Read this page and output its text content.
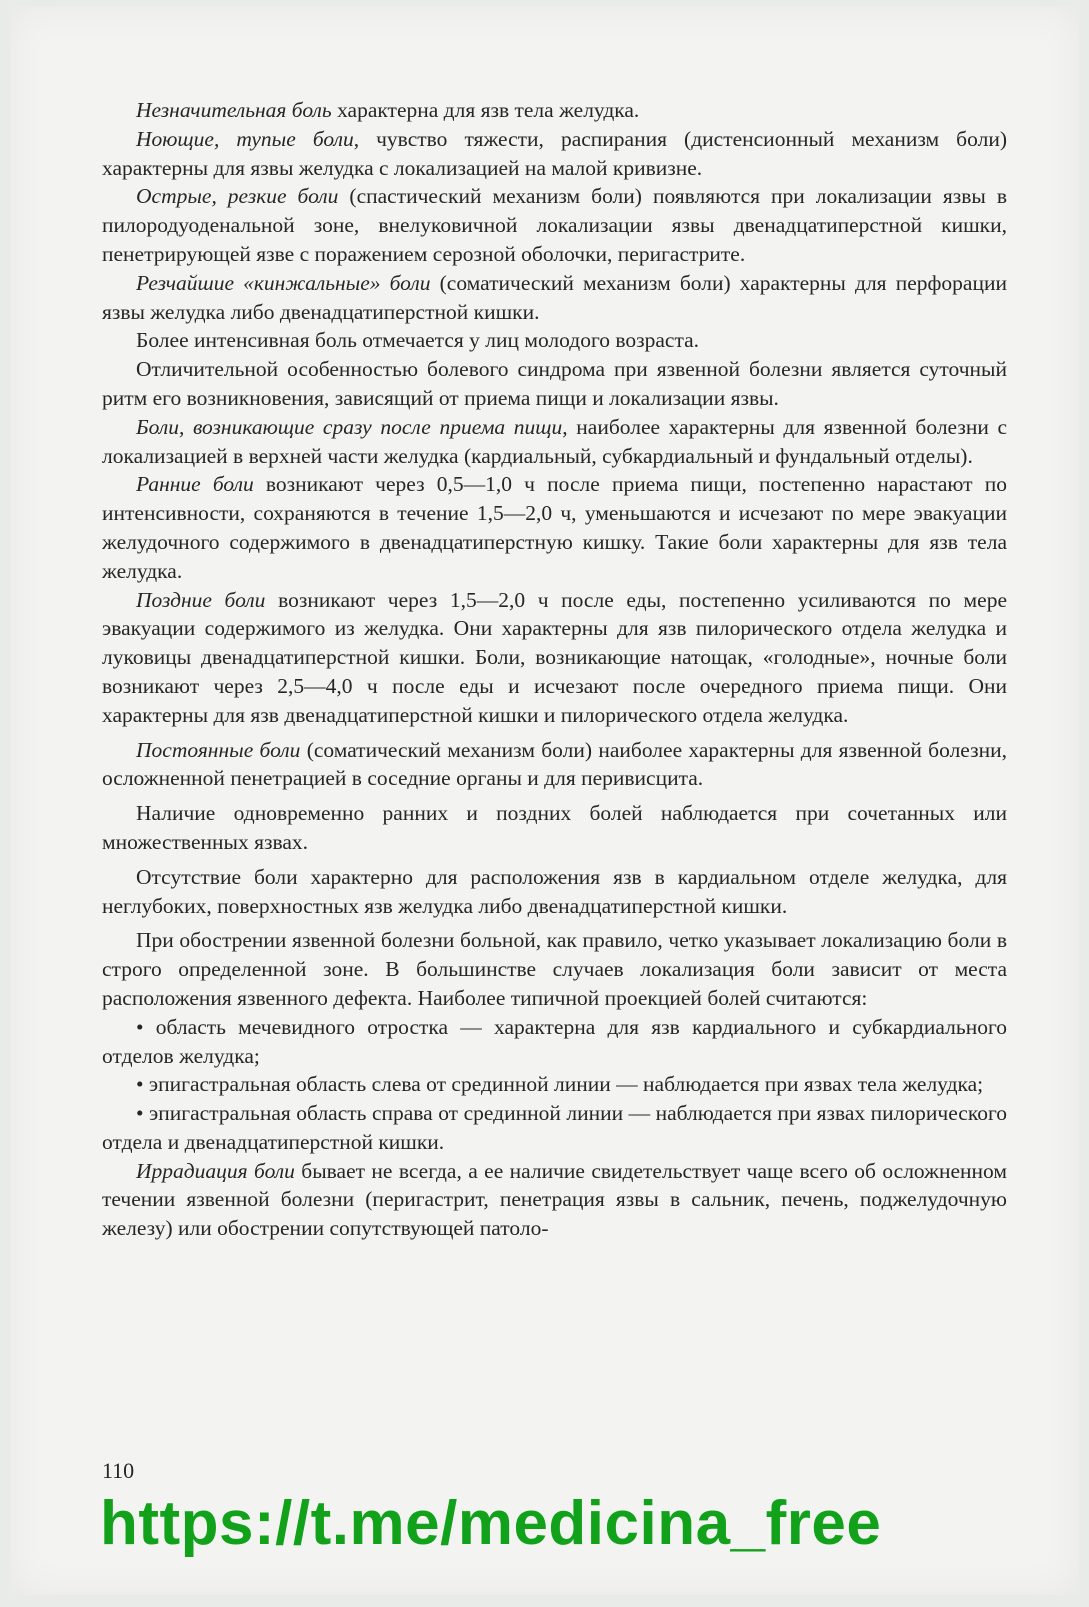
Незначительная боль характерна для язв тела желудка.

Ноющие, тупые боли, чувство тяжести, распирания (дистенсионный механизм боли) характерны для язвы желудка с локализацией на малой кривизне.

Острые, резкие боли (спастический механизм боли) появляются при локализации язвы в пилородуоденальной зоне, внелуковичной локализации язвы двенадцатиперстной кишки, пенетрирующей язве с поражением серозной оболочки, перигастрите.

Резчайшие «кинжальные» боли (соматический механизм боли) характерны для перфорации язвы желудка либо двенадцатиперстной кишки.

Более интенсивная боль отмечается у лиц молодого возраста.

Отличительной особенностью болевого синдрома при язвенной болезни является суточный ритм его возникновения, зависящий от приема пищи и локализации язвы.

Боли, возникающие сразу после приема пищи, наиболее характерны для язвенной болезни с локализацией в верхней части желудка (кардиальный, субкардиальный и фундальный отделы).

Ранние боли возникают через 0,5—1,0 ч после приема пищи, постепенно нарастают по интенсивности, сохраняются в течение 1,5—2,0 ч, уменьшаются и исчезают по мере эвакуации желудочного содержимого в двенадцатиперстную кишку. Такие боли характерны для язв тела желудка.

Поздние боли возникают через 1,5—2,0 ч после еды, постепенно усиливаются по мере эвакуации содержимого из желудка. Они характерны для язв пилорического отдела желудка и луковицы двенадцатиперстной кишки. Боли, возникающие натощак, «голодные», ночные боли возникают через 2,5—4,0 ч после еды и исчезают после очередного приема пищи. Они характерны для язв двенадцатиперстной кишки и пилорического отдела желудка.

Постоянные боли (соматический механизм боли) наиболее характерны для язвенной болезни, осложненной пенетрацией в соседние органы и для перивисцита.

Наличие одновременно ранних и поздних болей наблюдается при сочетанных или множественных язвах.

Отсутствие боли характерно для расположения язв в кардиальном отделе желудка, для неглубоких, поверхностных язв желудка либо двенадцатиперстной кишки.

При обострении язвенной болезни больной, как правило, четко указывает локализацию боли в строго определенной зоне. В большинстве случаев локализация боли зависит от места расположения язвенного дефекта. Наиболее типичной проекцией болей считаются:

• область мечевидного отростка — характерна для язв кардиального и субкардиального отделов желудка;

• эпигастральная область слева от срединной линии — наблюдается при язвах тела желудка;

• эпигастральная область справа от срединной линии — наблюдается при язвах пилорического отдела и двенадцатиперстной кишки.

Иррадиация боли бывает не всегда, а ее наличие свидетельствует чаще всего об осложненном течении язвенной болезни (перигастрит, пенетрация язвы в сальник, печень, поджелудочную железу) или обострении сопутствующей патоло-

110
https://t.me/medicina_free
